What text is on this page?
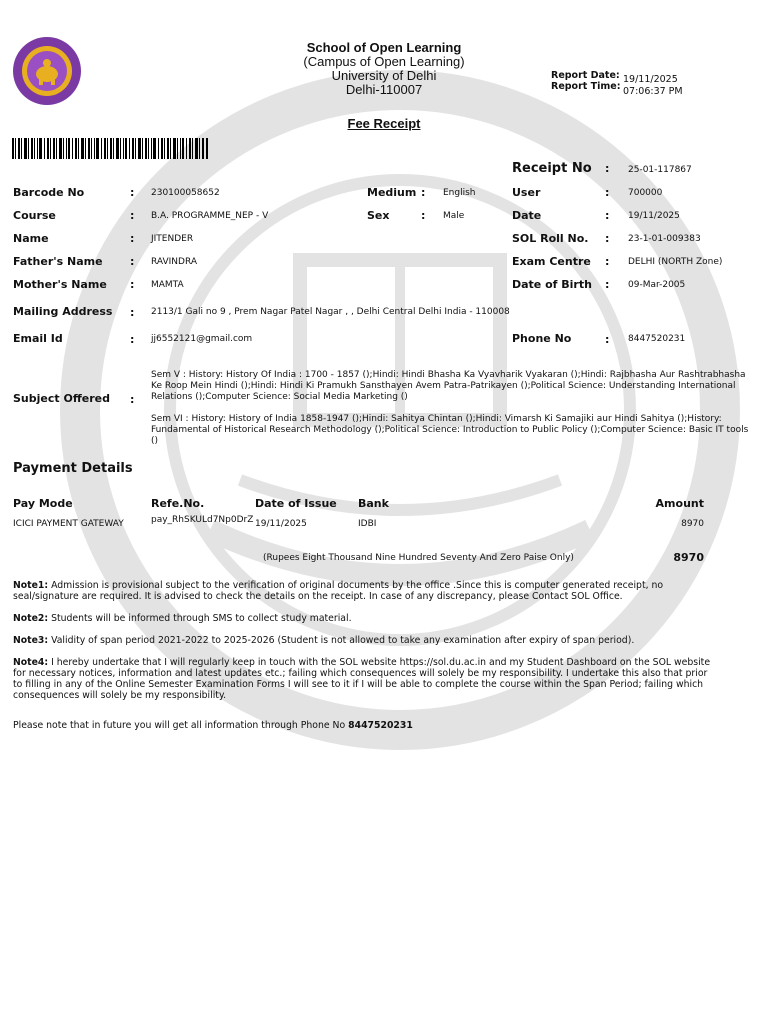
School of Open Learning
(Campus of Open Learning)
University of Delhi
Delhi-110007
Fee Receipt
Report Date: 19/11/2025
Report Time: 07:06:37 PM
Receipt No : 25-01-117867
Barcode No	: 230100058652
Course	: B.A. PROGRAMME_NEP - V
Name	: JITENDER
Father's Name : RAVINDRA
Mother's Name : MAMTA
Mailing Address : 2113/1 Gali no 9 , Prem Nagar Patel Nagar , , Delhi Central Delhi India - 110008
Email Id	: jj6552121@gmail.com
Medium : English
Sex	: Male
User	: 700000
Date	: 19/11/2025
SOL Roll No. : 23-1-01-009383
Exam Centre : DELHI (NORTH Zone)
Date of Birth : 09-Mar-2005
Phone No	: 8447520231
Subject Offered :
Sem V : History: History Of India : 1700 - 1857 ();Hindi: Hindi Bhasha Ka Vyavharik Vyakaran ();Hindi: Rajbhasha Aur Rashtrabhasha Ke Roop Mein Hindi ();Hindi: Hindi Ki Pramukh Sansthayen Avem Patra-Patrikayen ();Political Science: Understanding International Relations ();Computer Science: Social Media Marketing ()
Sem VI : History: History of India 1858-1947 ();Hindi: Sahitya Chintan ();Hindi: Vimarsh Ki Samajiki aur Hindi Sahitya ();History: Fundamental of Historical Research Methodology ();Political Science: Introduction to Public Policy ();Computer Science: Basic IT tools ()
Payment Details
Pay Mode	Refe.No.	Date of Issue Bank	Amount
ICICI PAYMENT GATEWAY	pay_RhSKULd7Np0DrZ 19/11/2025	IDBI	8970
(Rupees Eight Thousand Nine Hundred Seventy And Zero Paise Only)	8970
Note1: Admission is provisional subject to the verification of original documents by the office .Since this is computer generated receipt, no seal/signature are required. It is advised to check the details on the receipt. In case of any discrepancy, please Contact SOL Office.
Note2: Students will be informed through SMS to collect study material.
Note3: Validity of span period 2021-2022 to 2025-2026 (Student is not allowed to take any examination after expiry of span period).
Note4: I hereby undertake that I will regularly keep in touch with the SOL website https://sol.du.ac.in and my Student Dashboard on the SOL website for necessary notices, information and latest updates etc.; failing which consequences will solely be my responsibility. I undertake this also that prior to filling in any of the Online Semester Examination Forms I will see to it if I will be able to complete the course within the Span Period; failing which consequences will solely be my responsibility.
Please note that in future you will get all information through Phone No 8447520231
